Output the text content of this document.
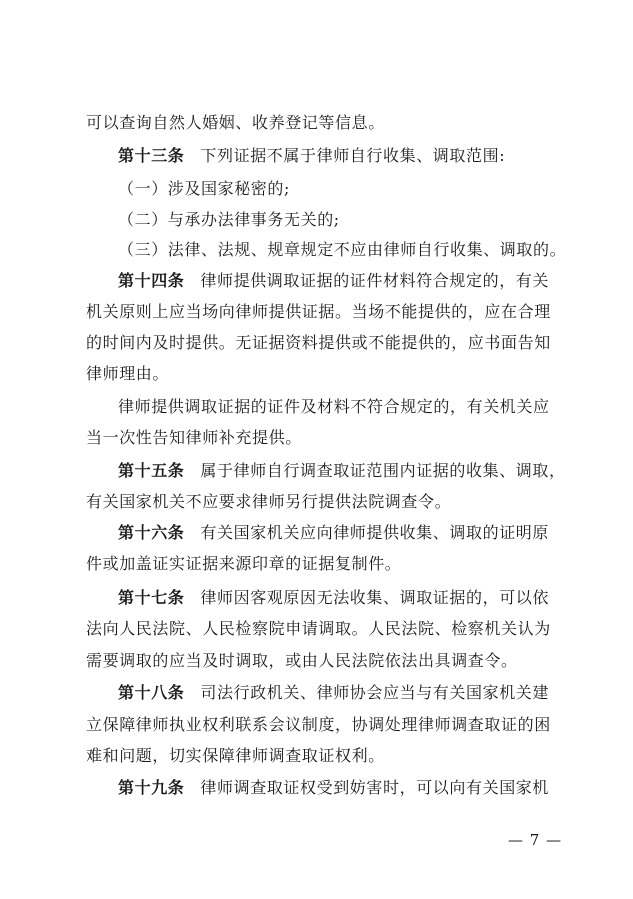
可以查询自然人婚姻、收养登记等信息。
第十三条 下列证据不属于律师自行收集、调取范围:
（一）涉及国家秘密的;
（二）与承办法律事务无关的;
（三）法律、法规、规章规定不应由律师自行收集、调取的。
第十四条 律师提供调取证据的证件材料符合规定的，有关
机关原则上应当场向律师提供证据。当场不能提供的，应在合理
的时间内及时提供。无证据资料提供或不能提供的，应书面告知
律师理由。
律师提供调取证据的证件及材料不符合规定的，有关机关应
当一次性告知律师补充提供。
第十五条 属于律师自行调查取证范围内证据的收集、调取，
有关国家机关不应要求律师另行提供法院调查令。
第十六条 有关国家机关应向律师提供收集、调取的证明原
件或加盖证实证据来源印章的证据复制件。
第十七条 律师因客观原因无法收集、调取证据的，可以依
法向人民法院、人民检察院申请调取。人民法院、检察机关认为
需要调取的应当及时调取，或由人民法院依法出具调查令。
第十八条 司法行政机关、律师协会应当与有关国家机关建
立保障律师执业权利联系会议制度，协调处理律师调查取证的困
难和问题，切实保障律师调查取证权利。
第十九条 律师调查取证权受到妨害时，可以向有关国家机
— 7 —
